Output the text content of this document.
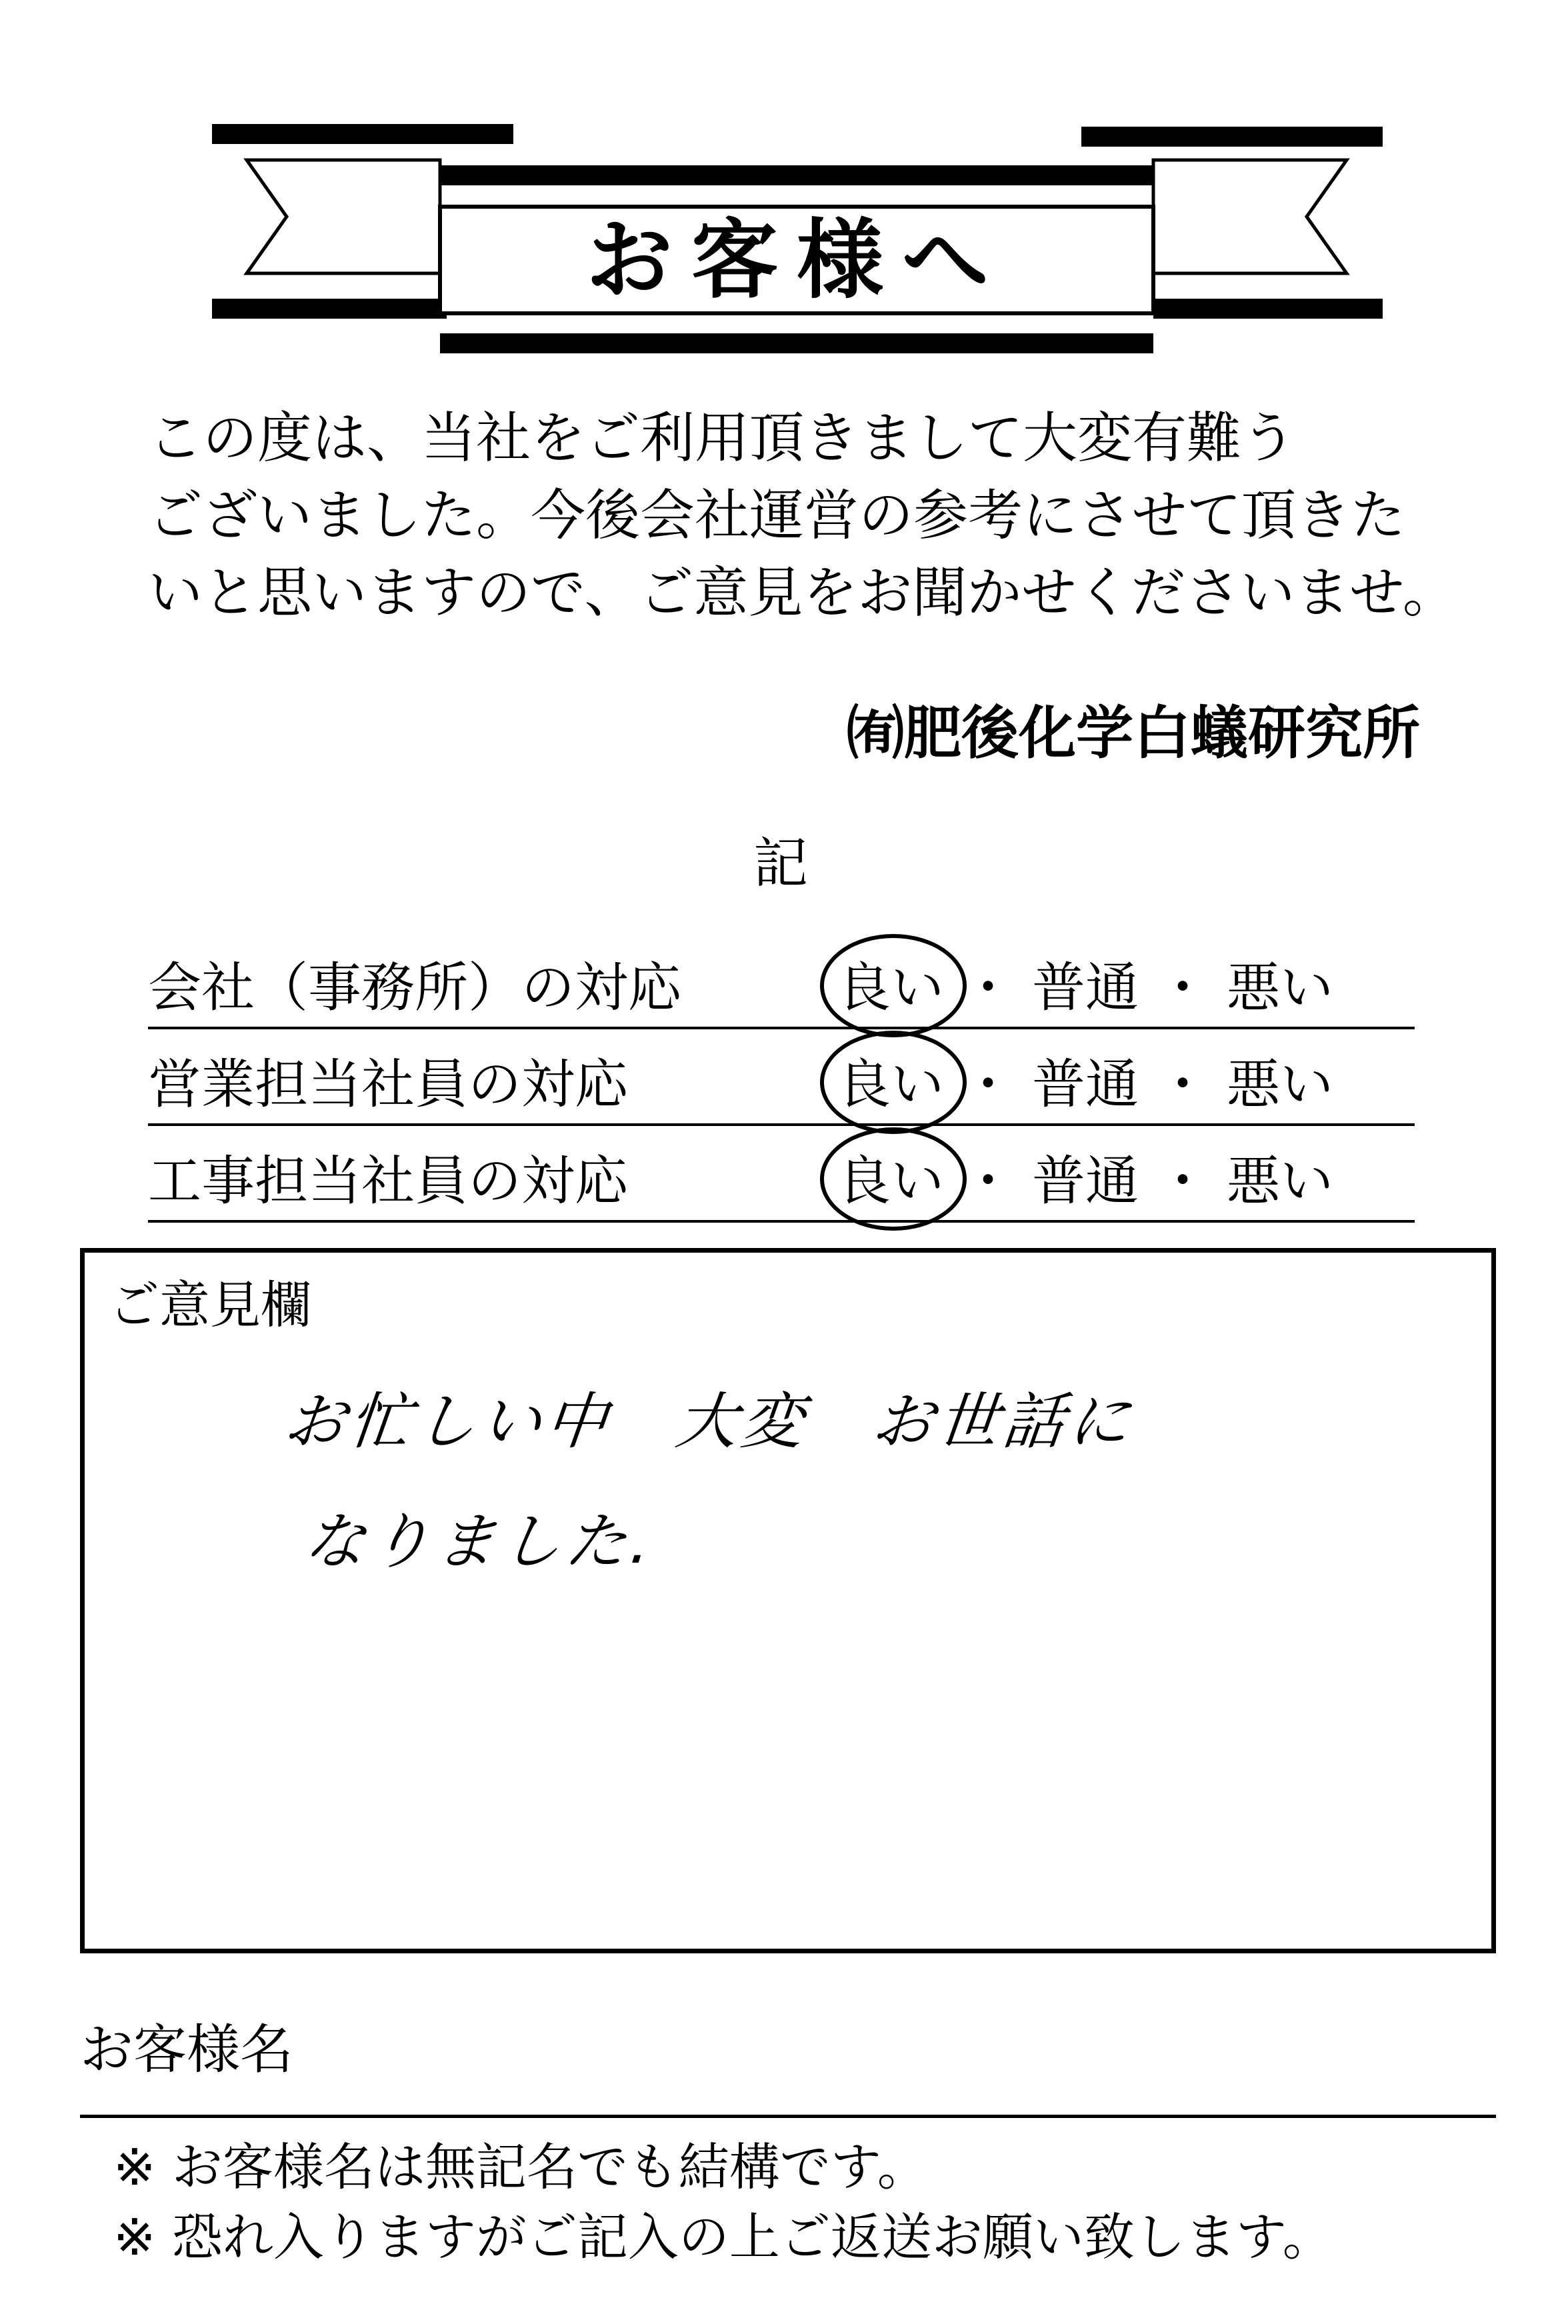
お客様へ
この度は、当社をご利用頂きまして大変有難う
ございました。今後会社運営の参考にさせて頂きた
いと思いますので、ご意見をお聞かせくださいませ。
㈲肥後化学白蟻研究所
記
会社（事務所）の対応	良い ・ 普通 ・ 悪い
営業担当社員の対応	良い ・ 普通 ・ 悪い
工事担当社員の対応	良い ・ 普通 ・ 悪い
ご意見欄
お忙しい中　大変　お世話に
なりました.
お客様名
※ お客様名は無記名でも結構です。
※ 恐れ入りますがご記入の上ご返送お願い致します。
